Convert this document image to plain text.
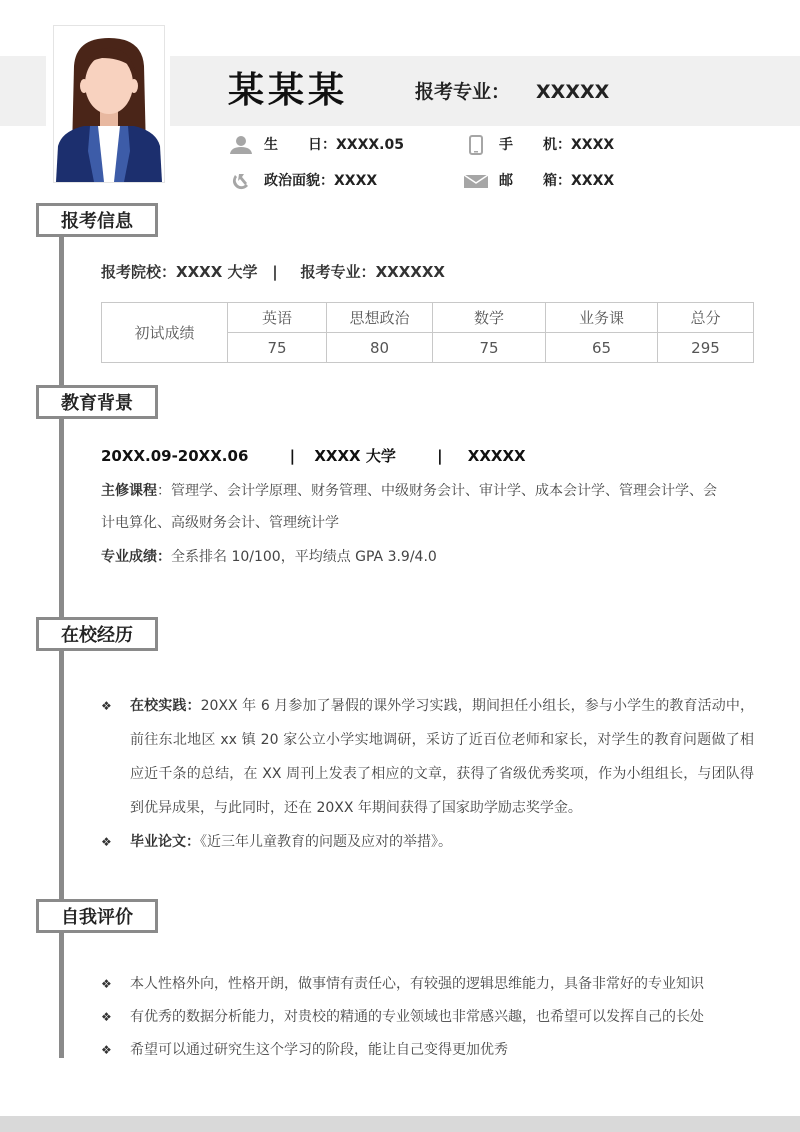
某某某	报考专业： XXXXX
生 日： XXXX.05
政治面貌： XXXX
手 机： XXXX
邮 箱： XXXX
报考信息
报考院校：XXXX 大学 | 报考专业：XXXXXX
初试成绩	英语	思想政治	数学	业务课	总分
	75	80	75	65	295
教育背景
20XX.09-20XX.06	| XXXX 大学	| XXXXX
主修课程：管理学、会计学原理、财务管理、中级财务会计、审计学、成本会计学、管理会计学、会
计电算化、高级财务会计、管理统计学
专业成绩：全系排名 10/100，平均绩点 GPA 3.9/4.0
在校经历
❖ 在校实践：20XX 年 6 月参加了暑假的课外学习实践，期间担任小组长，参与小学生的教育活动中，前往东北地区 xx 镇 20 家公立小学实地调研，采访了近百位老师和家长，对学生的教育问题做了相应近千条的总结，在 XX 周刊上发表了相应的文章，获得了省级优秀奖项，作为小组组长，与团队得到优异成果，与此同时，还在 20XX 年期间获得了国家助学励志奖学金。
❖ 毕业论文：《近三年儿童教育的问题及应对的举措》。
自我评价
❖ 本人性格外向，性格开朗，做事情有责任心，有较强的逻辑思维能力，具备非常好的专业知识
❖ 有优秀的数据分析能力，对贵校的精通的专业领域也非常感兴趣，也希望可以发挥自己的长处
❖ 希望可以通过研究生这个学习的阶段，能让自己变得更加优秀
